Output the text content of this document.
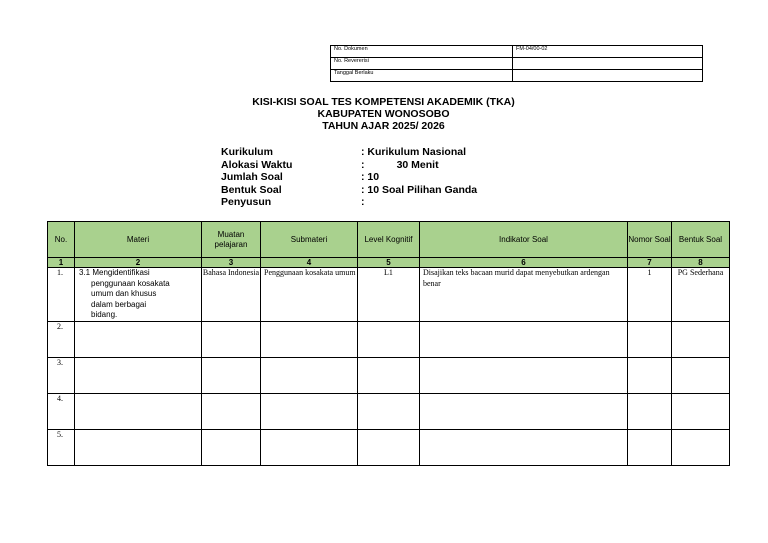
No. Dokumen	FM-04/00-02
No. Revererisi	
Tanggal Berlaku	
KISI-KISI SOAL TES KOMPETENSI AKADEMIK (TKA)
KABUPATEN WONOSOBO
TAHUN AJAR 2025/ 2026
Kurikulum	: Kurikulum Nasional
Alokasi Waktu	:           30 Menit
Jumlah Soal	: 10
Bentuk Soal	: 10 Soal Pilihan Ganda
Penyusun	:
No.	Materi	Muatan pelajaran	Submateri	Level Kognitif	Indikator Soal	Nomor Soal	Bentuk Soal
1	2	3	4	5	6	7	8
1.	3.1 Mengidentifikasi
penggunaan kosakata
umum dan khusus
dalam berbagai
bidang.	Bahasa Indonesia	Penggunaan kosakata umum	L1	Disajikan teks bacaan murid dapat menyebutkan ardengan benar	1	PG Sederhana
2.							
3.							
4.							
5.							
